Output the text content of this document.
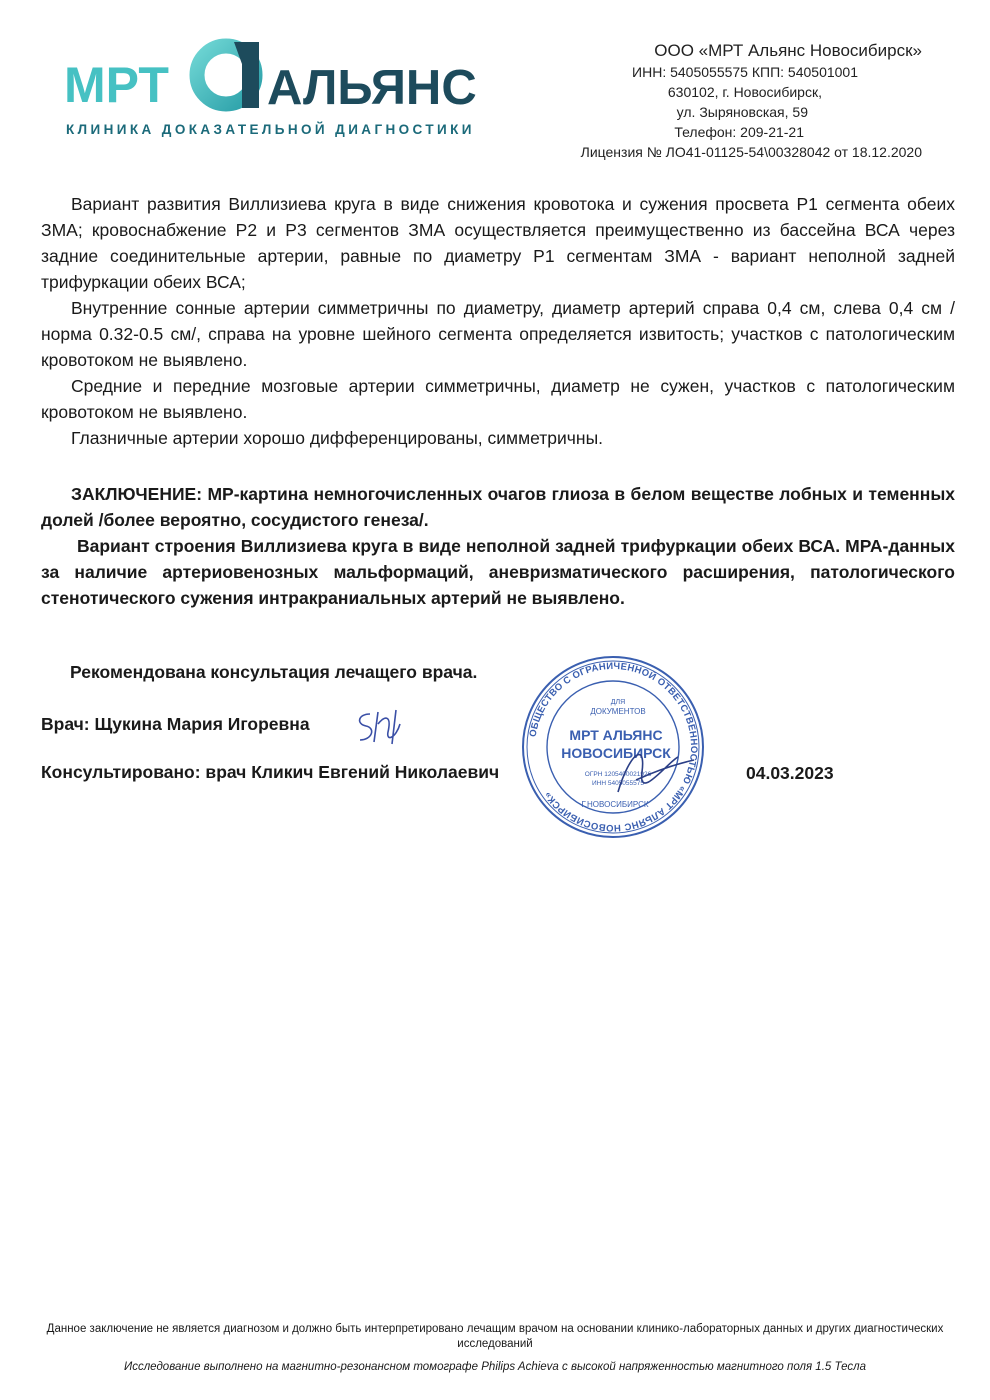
МРТ АЛЬЯНС
КЛИНИКА ДОКАЗАТЕЛЬНОЙ ДИАГНОСТИКИ
ООО «МРТ Альянс Новосибирск»
ИНН: 5405055575 КПП: 540501001
630102, г. Новосибирск,
ул. Зыряновская, 59
Телефон: 209-21-21
Лицензия № ЛО41-01125-54\00328042 от 18.12.2020

Вариант развития Виллизиева круга в виде снижения кровотока и сужения просвета Р1 сегмента обеих ЗМА; кровоснабжение Р2 и Р3 сегментов ЗМА осуществляется преимущественно из бассейна ВСА через задние соединительные артерии, равные по диаметру Р1 сегментам ЗМА - вариант неполной задней трифуркации обеих ВСА;

Внутренние сонные артерии симметричны по диаметру, диаметр артерий справа 0,4 см, слева 0,4 см /норма 0.32-0.5 см/, справа на уровне шейного сегмента определяется извитость; участков с патологическим кровотоком не выявлено.

Средние и передние мозговые артерии симметричны, диаметр не сужен, участков с патологическим кровотоком не выявлено.

Глазничные артерии хорошо дифференцированы, симметричны.

ЗАКЛЮЧЕНИЕ: МР-картина немногочисленных очагов глиоза в белом веществе лобных и теменных долей /более вероятно, сосудистого генеза/.

Вариант строения Виллизиева круга в виде неполной задней трифуркации обеих ВСА. МРА-данных за наличие артериовенозных мальформаций, аневризматического расширения, патологического стенотического сужения интракраниальных артерий не выявлено.

Рекомендована консультация лечащего врача.
Врач: Щукина Мария Игоревна	ОБЩЕСТВО С ОГРАНИЧЕННОЙ ОТВЕТСТВЕННОСТЬЮ «МРТ АЛЬЯНС НОВОСИБИРСК»
ДЛЯ
ДОКУМЕНТОВ
МРТ АЛЬЯНС
НОВОСИБИРСК
ОГРН 1205400021926
ИНН 5405055575
Г.НОВОСИБИРСК
Консультировано: врач Кликич Евгений Николаевич	04.03.2023
Данное заключение не является диагнозом и должно быть интерпретировано лечащим врачом на основании клинико-лабораторных данных и других диагностических исследований
Исследование выполнено на магнитно-резонансном томографе Philips Achieva с высокой напряженностью магнитного поля 1.5 Тесла
